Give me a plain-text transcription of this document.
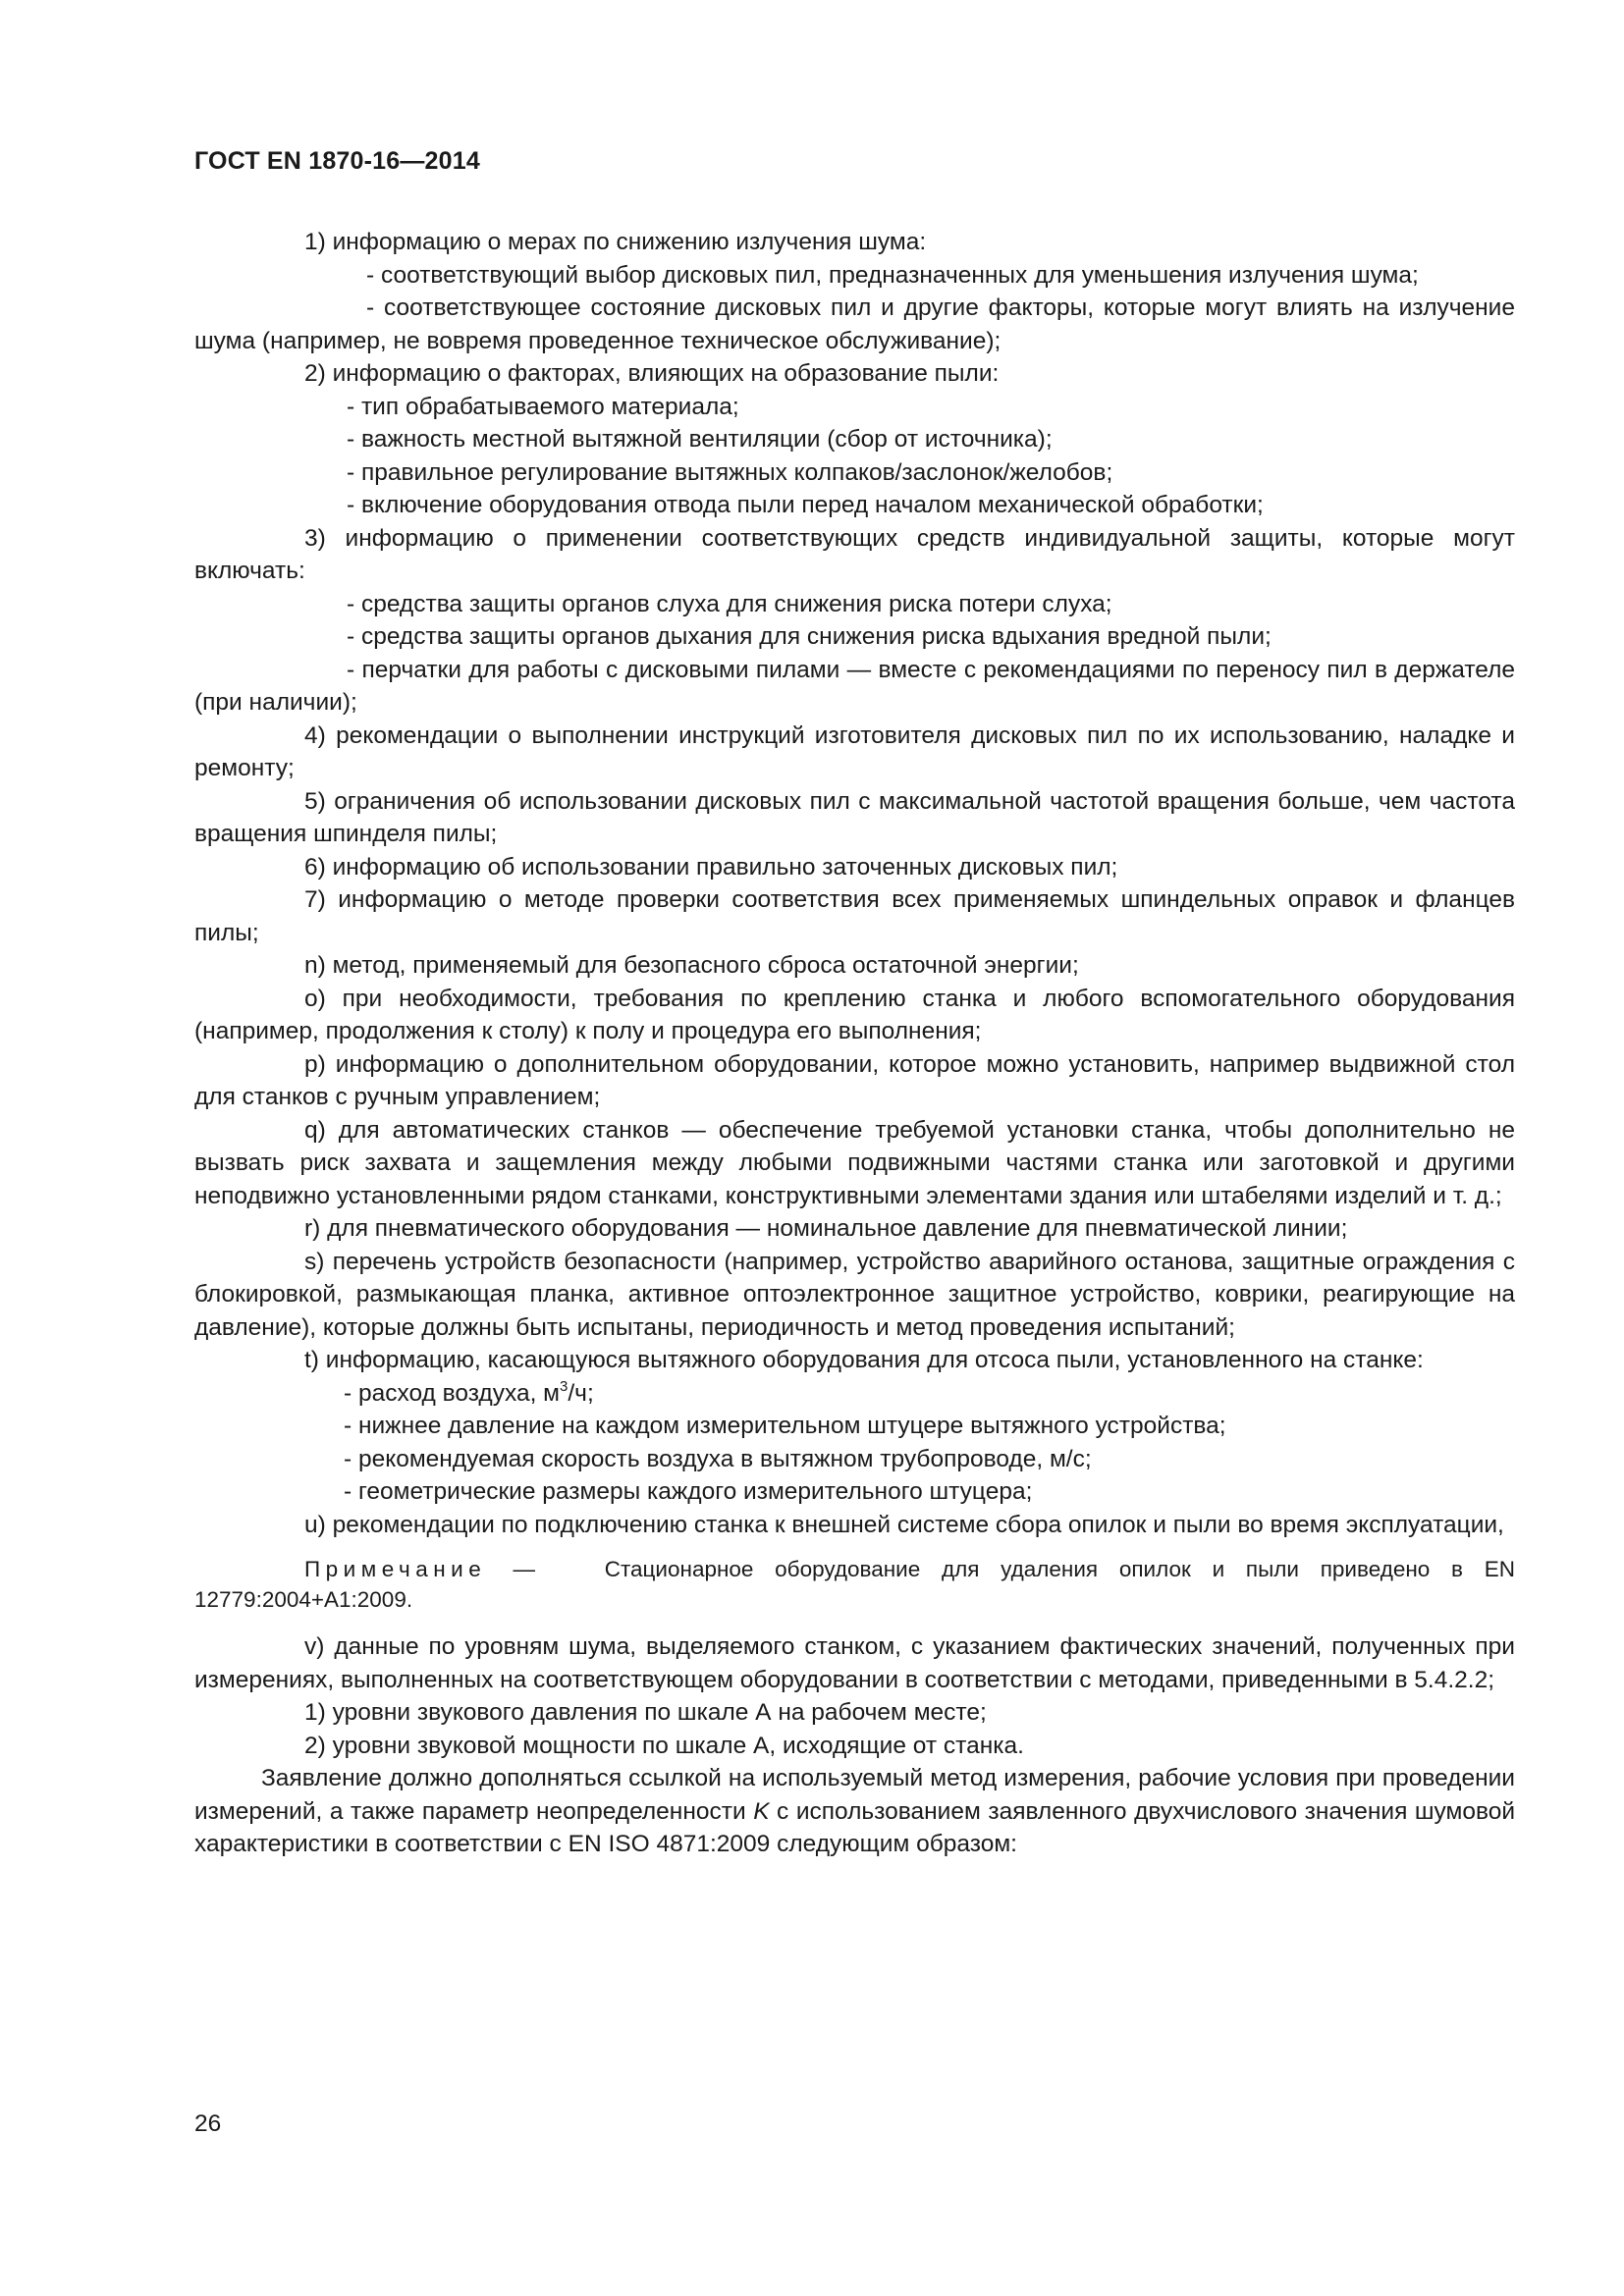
ГОСТ EN 1870-16—2014

1) информацию о мерах по снижению излучения шума:

- соответствующий выбор дисковых пил, предназначенных для уменьшения излучения шума;

- соответствующее состояние дисковых пил и другие факторы, которые могут влиять на излучение шума (например, не вовремя проведенное техническое обслуживание);

2) информацию о факторах, влияющих на образование пыли:

- тип обрабатываемого материала;

- важность местной вытяжной вентиляции (сбор от источника);

- правильное регулирование вытяжных колпаков/заслонок/желобов;

- включение оборудования отвода пыли перед началом механической обработки;

3) информацию о применении соответствующих средств индивидуальной защиты, которые могут включать:

- средства защиты органов слуха для снижения риска потери слуха;

- средства защиты органов дыхания для снижения риска вдыхания вредной пыли;

- перчатки для работы с дисковыми пилами — вместе с рекомендациями по переносу пил в держателе (при наличии);

4) рекомендации о выполнении инструкций изготовителя дисковых пил по их использованию, наладке и ремонту;

5) ограничения об использовании дисковых пил с максимальной частотой вращения больше, чем частота вращения шпинделя пилы;

6) информацию об использовании правильно заточенных дисковых пил;

7) информацию о методе проверки соответствия всех применяемых шпиндельных оправок и фланцев пилы;

n) метод, применяемый для безопасного сброса остаточной энергии;

о) при необходимости, требования по креплению станка и любого вспомогательного оборудования (например, продолжения к столу) к полу и процедура его выполнения;

р) информацию о дополнительном оборудовании, которое можно установить, например выдвижной стол для станков с ручным управлением;

q) для автоматических станков — обеспечение требуемой установки станка, чтобы дополнительно не вызвать риск захвата и защемления между любыми подвижными частями станка или заготовкой и другими неподвижно установленными рядом станками, конструктивными элементами здания или штабелями изделий и т. д.;

r) для пневматического оборудования — номинальное давление для пневматической линии;

s) перечень устройств безопасности (например, устройство аварийного останова, защитные ограждения с блокировкой, размыкающая планка, активное оптоэлектронное защитное устройство, коврики, реагирующие на давление), которые должны быть испытаны, периодичность и метод проведения испытаний;

t) информацию, касающуюся вытяжного оборудования для отсоса пыли, установленного на станке:

- расход воздуха, $м^3/ч$;

- нижнее давление на каждом измерительном штуцере вытяжного устройства;

- рекомендуемая скорость воздуха в вытяжном трубопроводе, м/с;

- геометрические размеры каждого измерительного штуцера;

u) рекомендации по подключению станка к внешней системе сбора опилок и пыли во время эксплуатации,

Примечание —	Стационарное оборудование для удаления опилок и пыли приведено в EN 12779:2004+A1:2009.

v) данные по уровням шума, выделяемого станком, с указанием фактических значений, полученных при измерениях, выполненных на соответствующем оборудовании в соответствии с методами, приведенными в 5.4.2.2;

1) уровни звукового давления по шкале А на рабочем месте;

2) уровни звуковой мощности по шкале А, исходящие от станка.

Заявление должно дополняться ссылкой на используемый метод измерения, рабочие условия при проведении измерений, а также параметр неопределенности K с использованием заявленного двухчислового значения шумовой характеристики в соответствии с EN ISO 4871:2009 следующим образом:

26
